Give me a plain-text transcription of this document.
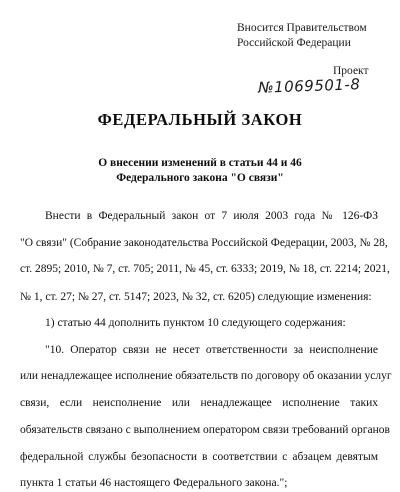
Вносится Правительством
Российской Федерации
Проект
№1069501-8
ФЕДЕРАЛЬНЫЙ ЗАКОН
О внесении изменений в статьи 44 и 46
Федерального закона "О связи"
Внести в Федеральный закон от 7 июля 2003 года № 126-ФЗ
"О связи" (Собрание законодательства Российской Федерации, 2003, № 28,
ст. 2895; 2010, № 7, ст. 705; 2011, № 45, ст. 6333; 2019, № 18, ст. 2214; 2021,
№ 1, ст. 27; № 27, ст. 5147; 2023, № 32, ст. 6205) следующие изменения:
1) статью 44 дополнить пунктом 10 следующего содержания:
"10. Оператор связи не несет ответственности за неисполнение
или ненадлежащее исполнение обязательств по договору об оказании услуг
связи, если неисполнение или ненадлежащее исполнение таких
обязательств связано с выполнением оператором связи требований органов
федеральной службы безопасности в соответствии с абзацем девятым
пункта 1 статьи 46 настоящего Федерального закона.";
